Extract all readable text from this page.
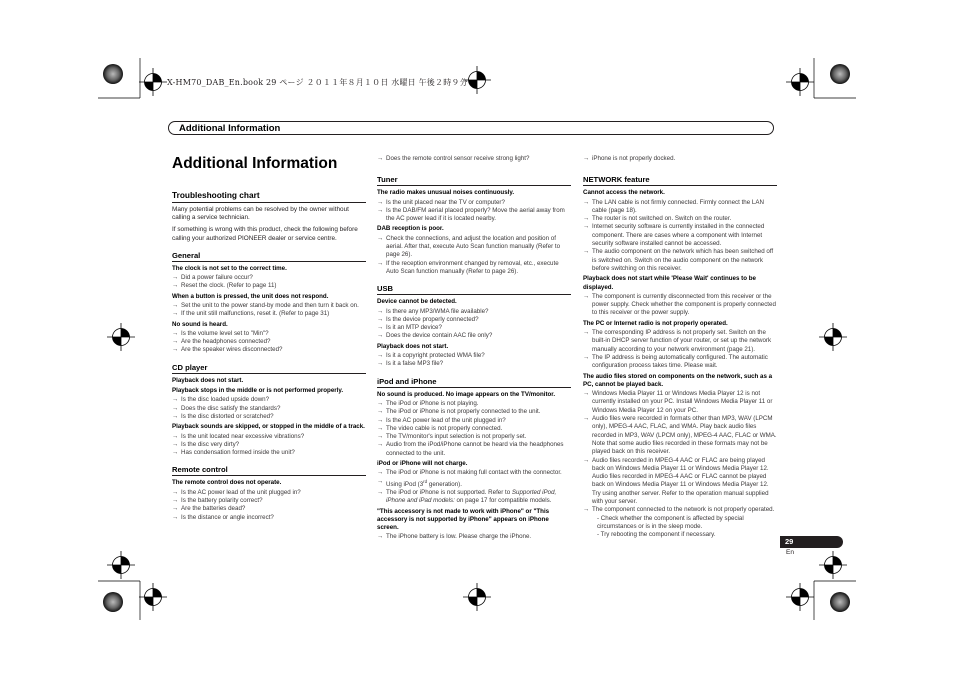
X-HM70_DAB_En.book 29 ページ ２０１１年８月１０日 水曜日 午後２時９分
Additional Information
Additional Information
Troubleshooting chart

Many potential problems can be resolved by the owner without calling a service technician.

If something is wrong with this product, check the following before calling your authorized PIONEER dealer or service centre.

General
The clock is not set to the correct time.
→ Did a power failure occur?
→ Reset the clock. (Refer to page 11)
When a button is pressed, the unit does not respond.
→ Set the unit to the power stand-by mode and then turn it back on.
→ If the unit still malfunctions, reset it. (Refer to page 31)
No sound is heard.
→ Is the volume level set to "Min"?
→ Are the headphones connected?
→ Are the speaker wires disconnected?
CD player
Playback does not start.
Playback stops in the middle or is not performed properly.
→ Is the disc loaded upside down?
→ Does the disc satisfy the standards?
→ Is the disc distorted or scratched?
Playback sounds are skipped, or stopped in the middle of a track.
→ Is the unit located near excessive vibrations?
→ Is the disc very dirty?
→ Has condensation formed inside the unit?
Remote control
The remote control does not operate.
→ Is the AC power lead of the unit plugged in?
→ Is the battery polarity correct?
→ Are the batteries dead?
→ Is the distance or angle incorrect?
→ Does the remote control sensor receive strong light?
Tuner
The radio makes unusual noises continuously.
→ Is the unit placed near the TV or computer?
→ Is the DAB/FM aerial placed properly? Move the aerial away from the AC power lead if it is located nearby.
DAB reception is poor.
→ Check the connections, and adjust the location and position of aerial. After that, execute Auto Scan function manually (Refer to page 26).
→ If the reception environment changed by removal, etc., execute Auto Scan function manually (Refer to page 26).
USB
Device cannot be detected.
→ Is there any MP3/WMA file available?
→ Is the device properly connected?
→ Is it an MTP device?
→ Does the device contain AAC file only?
Playback does not start.
→ Is it a copyright protected WMA file?
→ Is it a false MP3 file?
iPod and iPhone
No sound is produced. No image appears on the TV/monitor.
→ The iPod or iPhone is not playing.
→ The iPod or iPhone is not properly connected to the unit.
→ Is the AC power lead of the unit plugged in?
→ The video cable is not properly connected.
→ The TV/monitor's input selection is not properly set.
→ Audio from the iPod/iPhone cannot be heard via the headphones connected to the unit.
iPod or iPhone will not charge.
→ The iPod or iPhone is not making full contact with the connector.
→ Using iPod (3rd generation).
→ The iPod or iPhone is not supported. Refer to Supported iPod, iPhone and iPad models: on page 17 for compatible models.
"This accessory is not made to work with iPhone" or "This accessory is not supported by iPhone" appears on iPhone screen.
→ The iPhone battery is low. Please charge the iPhone.
→ iPhone is not properly docked.
NETWORK feature
Cannot access the network.
→ The LAN cable is not firmly connected. Firmly connect the LAN cable (page 18).
→ The router is not switched on. Switch on the router.
→ Internet security software is currently installed in the connected component. There are cases where a component with Internet security software installed cannot be accessed.
→ The audio component on the network which has been switched off is switched on. Switch on the audio component on the network before switching on this receiver.
Playback does not start while 'Please Wait' continues to be displayed.
→ The component is currently disconnected from this receiver or the power supply. Check whether the component is properly connected to this receiver or the power supply.
The PC or Internet radio is not properly operated.
→ The corresponding IP address is not properly set. Switch on the built-in DHCP server function of your router, or set up the network manually according to your network environment (page 21).
→ The IP address is being automatically configured. The automatic configuration process takes time. Please wait.
The audio files stored on components on the network, such as a PC, cannot be played back.
→ Windows Media Player 11 or Windows Media Player 12 is not currently installed on your PC. Install Windows Media Player 11 or Windows Media Player 12 on your PC.
→ Audio files were recorded in formats other than MP3, WAV (LPCM only), MPEG-4 AAC, FLAC, and WMA. Play back audio files recorded in MP3, WAV (LPCM only), MPEG-4 AAC, FLAC or WMA. Note that some audio files recorded in these formats may not be played back on this receiver.
→ Audio files recorded in MPEG-4 AAC or FLAC are being played back on Windows Media Player 11 or Windows Media Player 12. Audio files recorded in MPEG-4 AAC or FLAC cannot be played back on Windows Media Player 11 or Windows Media Player 12. Try using another server. Refer to the operation manual supplied with your server.
→ The component connected to the network is not properly operated.
- Check whether the component is affected by special circumstances or is in the sleep mode.
- Try rebooting the component if necessary.
29
En
